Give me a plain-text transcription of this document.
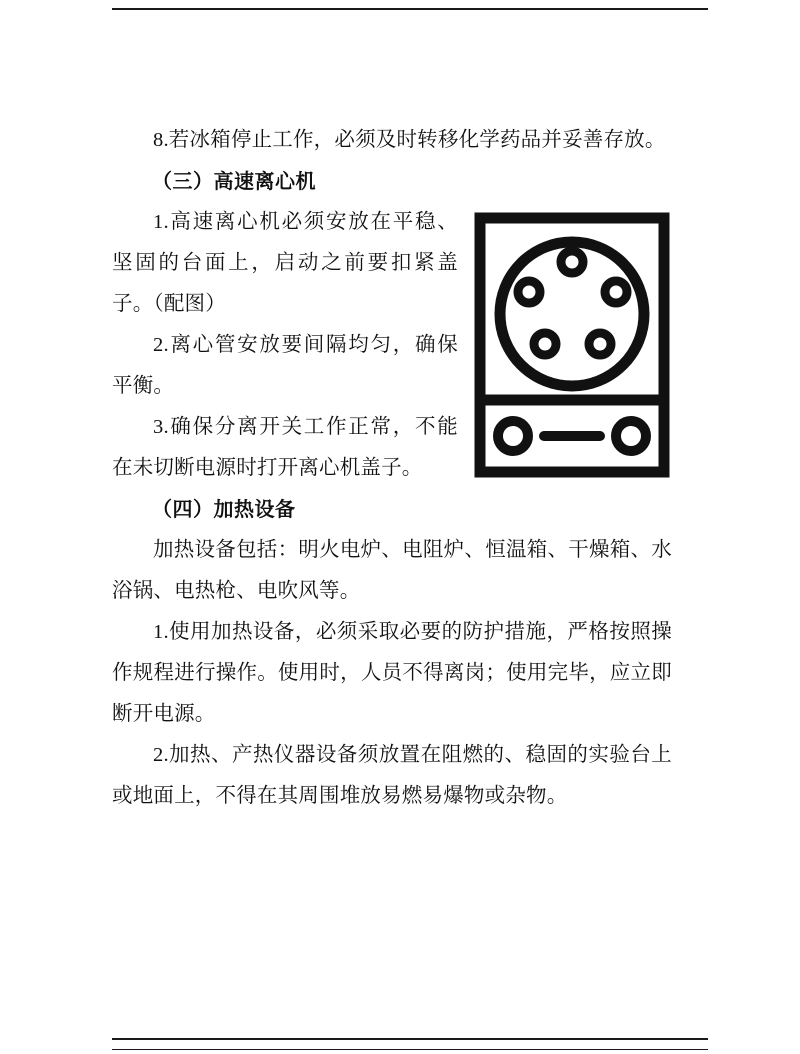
8.若冰箱停止工作，必须及时转移化学药品并妥善存放。

（三）高速离心机

1.高速离心机必须安放在平稳、坚固的台面上，启动之前要扣紧盖子。（配图）

2.离心管安放要间隔均匀，确保平衡。

3.确保分离开关工作正常，不能在未切断电源时打开离心机盖子。

（四）加热设备

加热设备包括：明火电炉、电阻炉、恒温箱、干燥箱、水浴锅、电热枪、电吹风等。

1.使用加热设备，必须采取必要的防护措施，严格按照操作规程进行操作。使用时，人员不得离岗；使用完毕，应立即断开电源。

2.加热、产热仪器设备须放置在阻燃的、稳固的实验台上或地面上，不得在其周围堆放易燃易爆物或杂物。
